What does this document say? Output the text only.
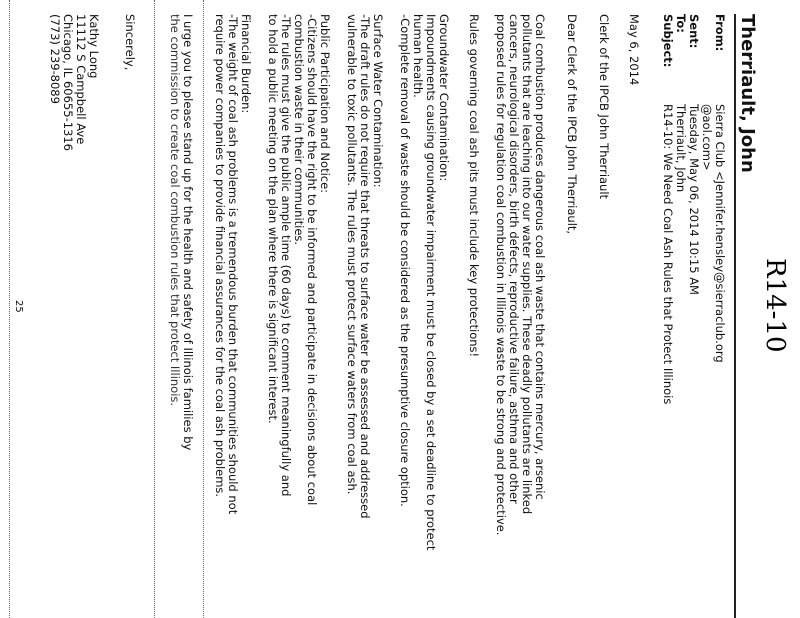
R14-10
Therriault, John
From:
Sierra Club <Jennifer.hensley@sierraclub.org
@aol.com>
Sent:
Tuesday, May 06, 2014 10:15 AM
To:
Therriault, John
Subject:
R14-10: We Need Coal Ash Rules that Protect Illinois
May 6, 2014
Clerk of the IPCB John Therriault
Dear Clerk of the IPCB John Therriault,
Coal combustion produces dangerous coal ash waste that contains mercury, arsenic
pollutants that are leaching into our water supplies. These deadly pollutants are linked
cancers, neurological disorders, birth defects, reproductive failure, asthma and other
proposed rules for regulation coal combustion in Illinois waste to be strong and protective.
Rules governing coal ash pits must include key protections!
Groundwater Contamination:
Impoundments causing groundwater impairment must be closed by a set deadline to protect
human health.
-Complete removal of waste should be considered as the presumptive closure option.
Surface Water Contamination:
-The draft rules do not require that threats to surface water be assessed and addressed
vulnerable to toxic pollutants. The rules must protect surface waters from coal ash.
Public Participation and Notice:
-Citizens should have the right to be informed and participate in decisions about coal
combustion waste in their communities.
-The rules must give the public ample time (60 days) to comment meaningfully and
to hold a public meeting on the plan where there is significant interest.
Financial Burden:
-The weight of coal ash problems is a tremendous burden that communities should not
require power companies to provide financial assurances for the coal ash problems.
I urge you to please stand up for the health and safety of Illinois families by
the commission to create coal combustion rules that protect Illinois.
Sincerely,
Kathy Long
11112 S Campbell Ave
Chicago, IL 60655-1316
(773) 239-8089
25
